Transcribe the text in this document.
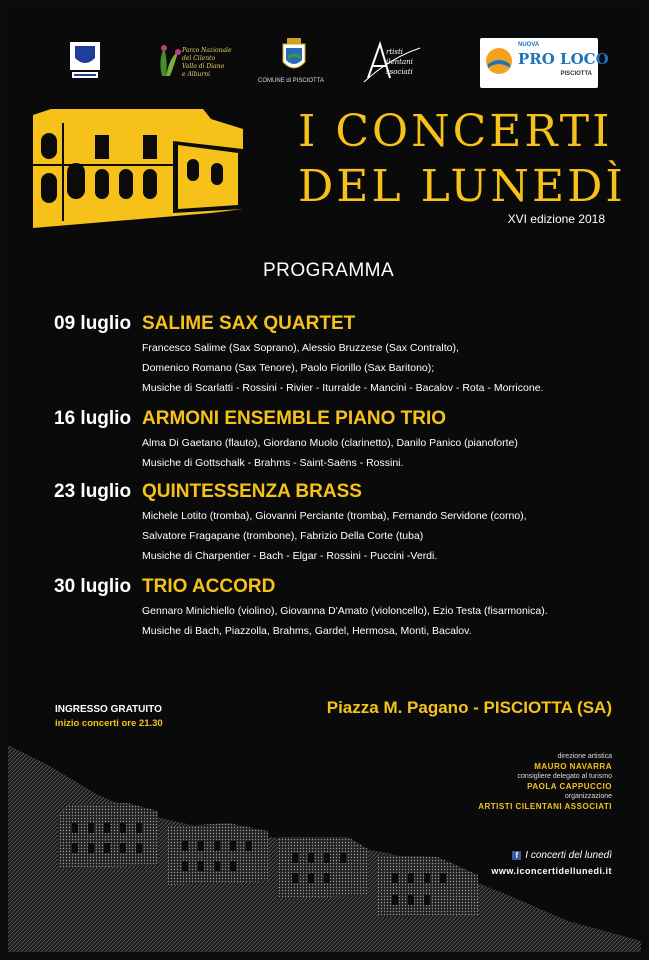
Parco Nazionale
del Cilento
Vallo di Diano
e Alburni
COMUNE di PISCIOTTA
rtisti
ilentani
ssociati
NUOVA
PRO LOCO
PISCIOTTA
I CONCERTI
DEL LUNEDÌ
XVI edizione 2018
PROGRAMMA
09 luglio SALIME SAX QUARTET
Francesco Salime (Sax Soprano), Alessio Bruzzese (Sax Contralto),
Domenico Romano (Sax Tenore), Paolo Fiorillo (Sax Baritono);
Musiche di Scarlatti - Rossini - Rivier - Iturralde - Mancini - Bacalov - Rota - Morricone.
16 luglio ARMONI ENSEMBLE PIANO TRIO
Alma Di Gaetano (flauto), Giordano Muolo (clarinetto), Danilo Panico (pianoforte)
Musiche di Gottschalk - Brahms - Saint-Saëns - Rossini.
23 luglio QUINTESSENZA BRASS
Michele Lotito (tromba), Giovanni Perciante (tromba), Fernando Servidone (corno),
Salvatore Fragapane (trombone), Fabrizio Della Corte (tuba)
Musiche di Charpentier - Bach - Elgar - Rossini - Puccini -Verdi.
30 luglio TRIO ACCORD
Gennaro Minichiello (violino), Giovanna D'Amato (violoncello), Ezio Testa (fisarmonica).
Musiche di Bach, Piazzolla, Brahms, Gardel, Hermosa, Monti, Bacalov.
INGRESSO GRATUITO
inizio concerti ore 21.30
Piazza M. Pagano - PISCIOTTA (SA)
direzione artistica
MAURO NAVARRA
consigliere delegato al turismo
PAOLA CAPPUCCIO
organizzazione
ARTISTI CILENTANI ASSOCIATI
f I concerti del lunedì
www.iconcertidellunedi.it
